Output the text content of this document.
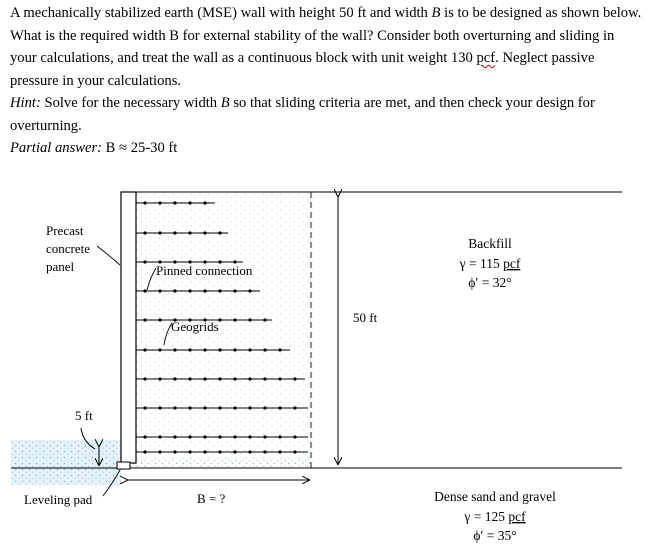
A mechanically stabilized earth (MSE) wall with height 50 ft and width B is to be designed as shown below. What is the required width B for external stability of the wall? Consider both overturning and sliding in your calculations, and treat the wall as a continuous block with unit weight 130 pcf. Neglect passive pressure in your calculations.

Hint: Solve for the necessary width B so that sliding criteria are met, and then check your design for overturning.

Partial answer: B ≈ 25-30 ft

Precast
concrete
panel	Pinned connection
Geogrids
50 ft
5 ft
Leveling pad	B = ?
Backfill
γ = 115 pcf
ϕ′ = 32°
Dense sand and gravel
γ = 125 pcf
ϕ′ = 35°
